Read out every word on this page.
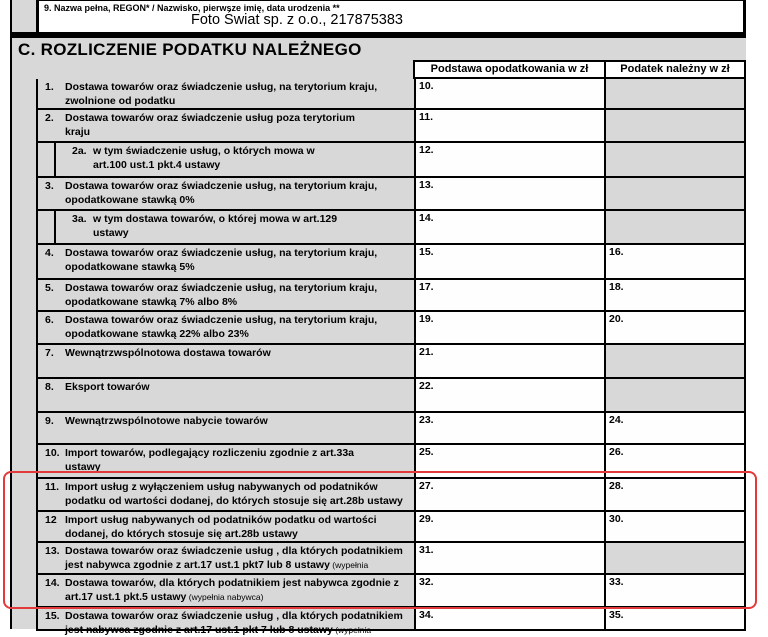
9. Nazwa pełna, REGON* / Nazwisko, pierwsze imię, data urodzenia **
Foto Świat sp. z o.o., 217875383
C. ROZLICZENIE PODATKU NALEŻNEGO
Podstawa opodatkowania w zł	Podatek należny w zł
1.	Dostawa towarów oraz świadczenie usług, na terytorium kraju,
zwolnione od podatku
10.
2.	Dostawa towarów oraz świadczenie usług poza terytorium
kraju
11.
2a. w tym świadczenie usług, o których mowa w
art.100 ust.1 pkt.4 ustawy
12.
3.	Dostawa towarów oraz świadczenie usług, na terytorium kraju,
opodatkowane stawką 0%
13.
3a. w tym dostawa towarów, o której mowa w art.129
ustawy
14.
4.	Dostawa towarów oraz świadczenie usług, na terytorium kraju,
opodatkowane stawką 5%
15.	16.
5.	Dostawa towarów oraz świadczenie usług, na terytorium kraju,
opodatkowane stawką 7% albo 8%
17.	18.
6.	Dostawa towarów oraz świadczenie usług, na terytorium kraju,
opodatkowane stawką 22% albo 23%
19.	20.
7.	Wewnątrzwspólnotowa dostawa towarów	21.
8.	Eksport towarów	22.
9.	Wewnątrzwspólnotowe nabycie towarów	23.	24.
10. Import towarów, podlegający rozliczeniu zgodnie z art.33a
ustawy
25.	26.
11. Import usług z wyłączeniem usług nabywanych od podatników
podatku od wartości dodanej, do których stosuje się art.28b ustawy
27.	28.
12 Import usług nabywanych od podatników podatku od wartości
dodanej, do których stosuje się art.28b ustawy
29.	30.
13. Dostawa towarów oraz świadczenie usług , dla których podatnikiem
jest nabywca zgodnie z art.17 ust.1 pkt7 lub 8 ustawy (wypełnia
31.
14. Dostawa towarów, dla których podatnikiem jest nabywca zgodnie z
art.17 ust.1 pkt.5 ustawy (wypełnia nabywca)
32.	33.
15. Dostawa towarów oraz świadczenie usług , dla których podatnikiem
jest nabywca zgodnie z art.17 ust.1 pkt 7 lub 8 ustawy (wypełnia
34.	35.
